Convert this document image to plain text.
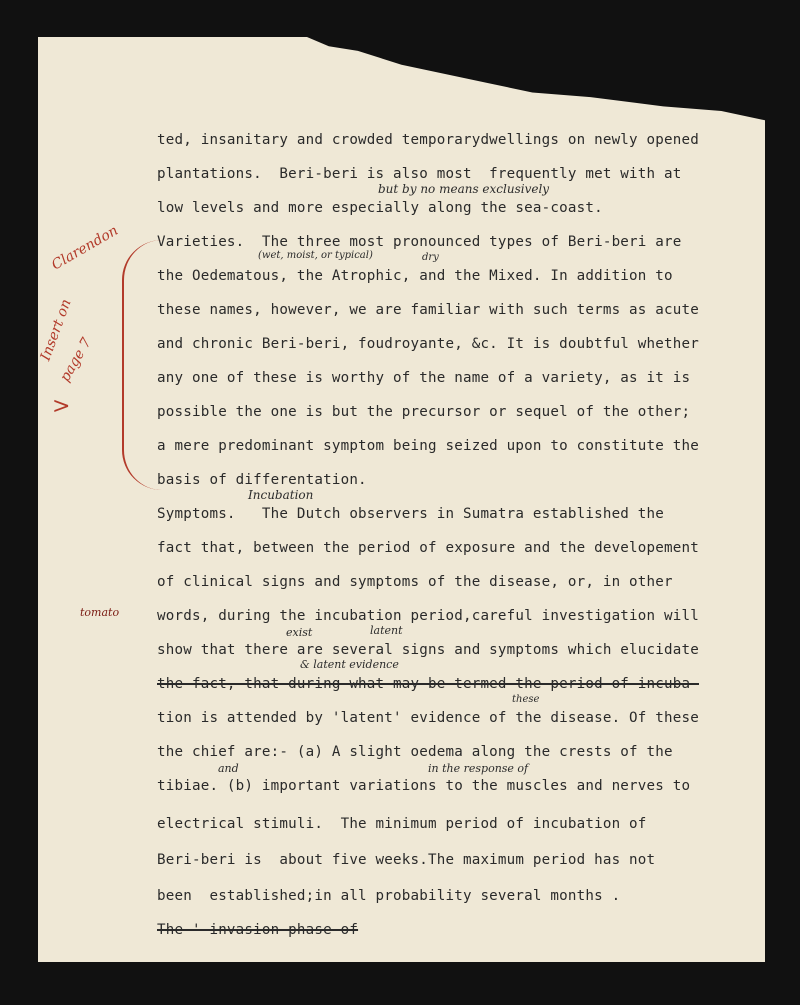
ted, insanitary and crowded temporarydwellings on newly opened
plantations.  Beri-beri is also most  frequently met with at
low levels and more especially along the sea-coast.
Varieties.  The three most pronounced types of Beri-beri are
the Oedematous, the Atrophic, and the Mixed. In addition to
these names, however, we are familiar with such terms as acute
and chronic Beri-beri, foudroyante, &c. It is doubtful whether
any one of these is worthy of the name of a variety, as it is
possible the one is but the precursor or sequel of the other;
a mere predominant symptom being seized upon to constitute the
basis of differentation.
Symptoms.   The Dutch observers in Sumatra established the
fact that, between the period of exposure and the developement
of clinical signs and symptoms of the disease, or, in other
words, during the incubation period,careful investigation will
show that there are several signs and symptoms which elucidate
the fact, that during what may be termed the period of incuba-
tion is attended by 'latent' evidence of the disease. Of these
the chief are:- (a) A slight oedema along the crests of the
tibiae. (b) important variations to the muscles and nerves to
electrical stimuli.  The minimum period of incubation of
Beri-beri is  about five weeks.The maximum period has not
been  established;in all probability several months .
The ' invasion phase of
but by no means exclusively
(wet, moist, or typical)	dry
Incubation
exist	latent
& latent evidence
these
and	in the response of
Clarendon
Insert on
page 7
>
tomato
